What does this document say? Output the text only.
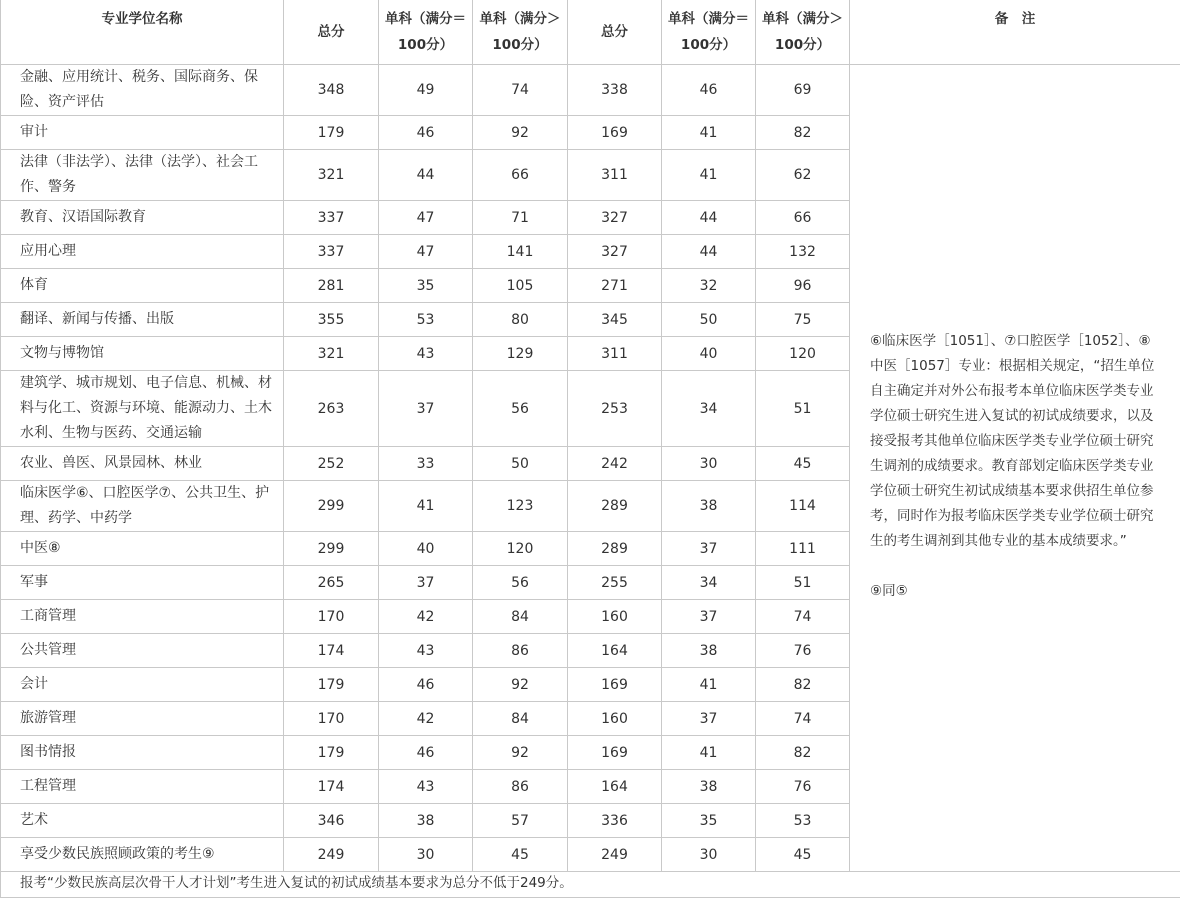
专业学位名称							备　注
	总分	单科（满分＝100分）	单科（满分＞100分）	总分	单科（满分＝100分）	单科（满分＞100分）	
金融、应用统计、税务、国际商务、保险、资产评估	348	49	74	338	46	69	⑥临床医学［1051］、⑦口腔医学［1052］、⑧中医［1057］专业：根据相关规定，“招生单位自主确定并对外公布报考本单位临床医学类专业学位硕士研究生进入复试的初试成绩要求，以及接受报考其他单位临床医学类专业学位硕士研究生调剂的成绩要求。教育部划定临床医学类专业学位硕士研究生初试成绩基本要求供招生单位参考，同时作为报考临床医学类专业学位硕士研究生的考生调剂到其他专业的基本成绩要求。”

⑨同⑤

审计	179	46	92	169	41	82	
法律（非法学）、法律（法学）、社会工作、警务	321	44	66	311	41	62	
教育、汉语国际教育	337	47	71	327	44	66	
应用心理	337	47	141	327	44	132	
体育	281	35	105	271	32	96	
翻译、新闻与传播、出版	355	53	80	345	50	75	
文物与博物馆	321	43	129	311	40	120	
建筑学、城市规划、电子信息、机械、材料与化工、资源与环境、能源动力、土木水利、生物与医药、交通运输	263	37	56	253	34	51	
农业、兽医、风景园林、林业	252	33	50	242	30	45	
临床医学⑥、口腔医学⑦、公共卫生、护理、药学、中药学	299	41	123	289	38	114	
中医⑧	299	40	120	289	37	111	
军事	265	37	56	255	34	51	
工商管理	170	42	84	160	37	74	
公共管理	174	43	86	164	38	76	
会计	179	46	92	169	41	82	
旅游管理	170	42	84	160	37	74	
图书情报	179	46	92	169	41	82	
工程管理	174	43	86	164	38	76	
艺术	346	38	57	336	35	53	
享受少数民族照顾政策的考生⑨	249	30	45	249	30	45	
报考“少数民族高层次骨干人才计划”考生进入复试的初试成绩基本要求为总分不低于249分。							
